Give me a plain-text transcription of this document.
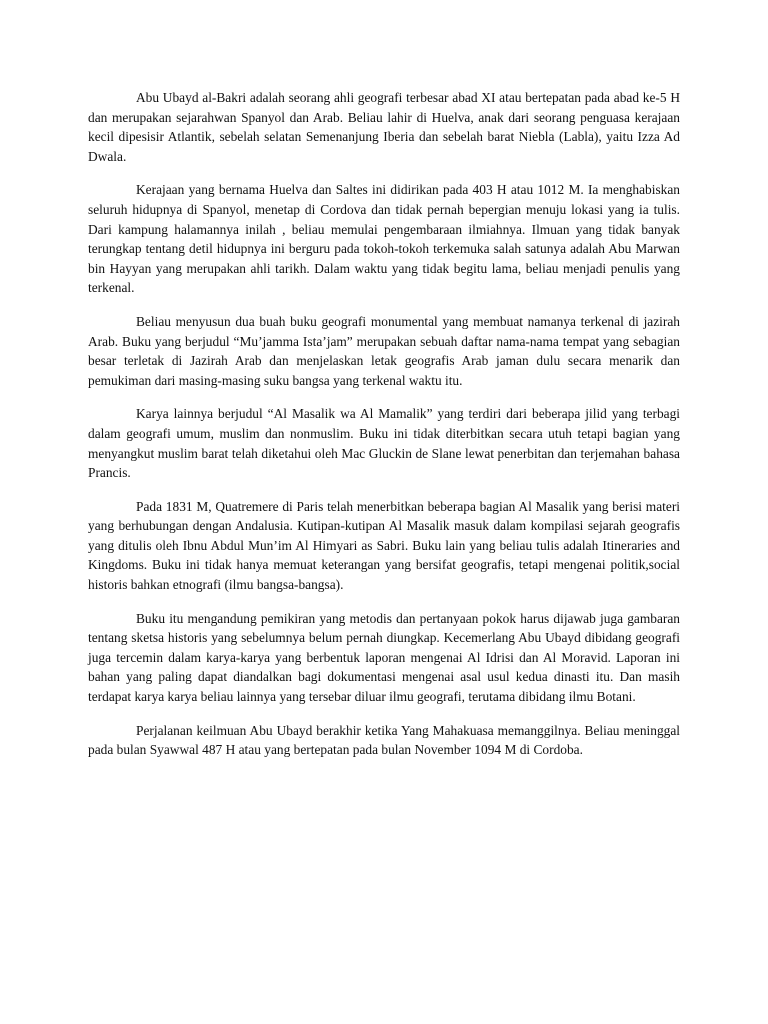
Abu Ubayd al-Bakri adalah seorang ahli geografi terbesar abad XI atau bertepatan pada abad ke-5 H dan merupakan sejarahwan Spanyol dan Arab. Beliau lahir di Huelva, anak dari seorang penguasa kerajaan kecil dipesisir Atlantik, sebelah selatan Semenanjung Iberia dan sebelah barat Niebla (Labla), yaitu Izza Ad Dwala.

Kerajaan yang bernama Huelva dan Saltes ini didirikan pada 403 H atau 1012 M. Ia menghabiskan seluruh hidupnya di Spanyol, menetap di Cordova dan tidak pernah bepergian menuju lokasi yang ia tulis. Dari kampung halamannya inilah , beliau memulai pengembaraan ilmiahnya. Ilmuan yang tidak banyak terungkap tentang detil hidupnya ini berguru pada tokoh-tokoh terkemuka salah satunya adalah Abu Marwan bin Hayyan yang merupakan ahli tarikh. Dalam waktu yang tidak begitu lama, beliau menjadi penulis yang terkenal.

Beliau menyusun dua buah buku geografi monumental yang membuat namanya terkenal di jazirah Arab. Buku yang berjudul “Mu’jamma Ista’jam” merupakan sebuah daftar nama-nama tempat yang sebagian besar terletak di Jazirah Arab dan menjelaskan letak geografis Arab jaman dulu secara menarik dan pemukiman dari masing-masing suku bangsa yang terkenal waktu itu.

Karya lainnya berjudul “Al Masalik wa Al Mamalik” yang terdiri dari beberapa jilid yang terbagi dalam geografi umum, muslim dan nonmuslim. Buku ini tidak diterbitkan secara utuh tetapi bagian yang menyangkut muslim barat telah diketahui oleh Mac Gluckin de Slane lewat penerbitan dan terjemahan bahasa Prancis.

Pada 1831 M, Quatremere di Paris telah menerbitkan beberapa bagian Al Masalik yang berisi materi yang berhubungan dengan Andalusia. Kutipan-kutipan Al Masalik masuk dalam kompilasi sejarah geografis yang ditulis oleh Ibnu Abdul Mun’im Al Himyari as Sabri. Buku lain yang beliau tulis adalah Itineraries and Kingdoms. Buku ini tidak hanya memuat keterangan yang bersifat geografis, tetapi mengenai politik,social historis bahkan etnografi (ilmu bangsa-bangsa).

Buku itu mengandung pemikiran yang metodis dan pertanyaan pokok harus dijawab juga gambaran tentang sketsa historis yang sebelumnya belum pernah diungkap. Kecemerlang Abu Ubayd dibidang geografi juga tercemin dalam karya-karya yang berbentuk laporan mengenai Al Idrisi dan Al Moravid. Laporan ini bahan yang paling dapat diandalkan bagi dokumentasi mengenai asal usul kedua dinasti itu. Dan masih terdapat karya karya beliau lainnya yang tersebar diluar ilmu geografi, terutama dibidang ilmu Botani.

Perjalanan keilmuan Abu Ubayd berakhir ketika Yang Mahakuasa memanggilnya. Beliau meninggal pada bulan Syawwal 487 H atau yang bertepatan pada bulan November 1094 M di Cordoba.
